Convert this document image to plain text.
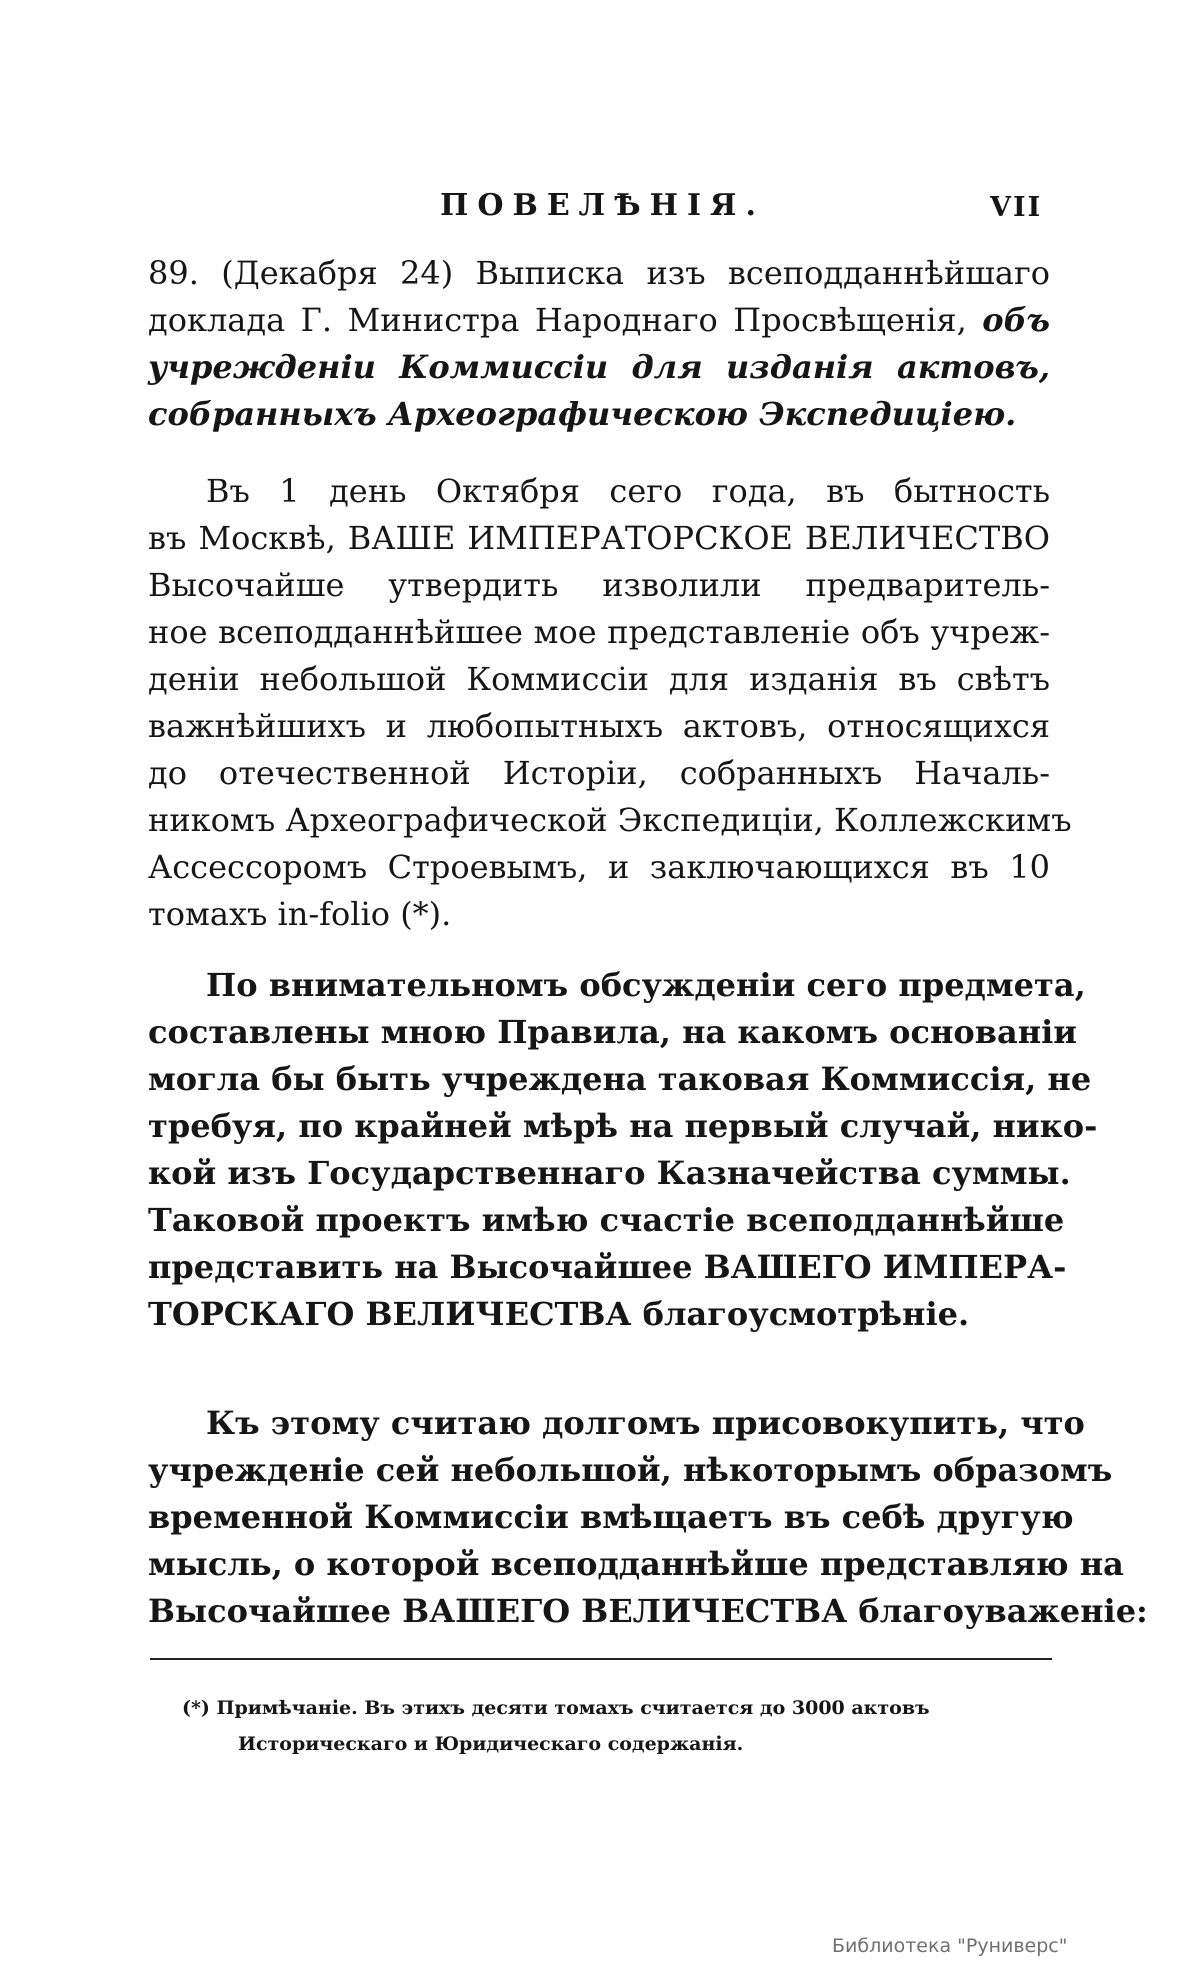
ПОВЕЛѢНІЯ.	VII

89. (Декабря 24) Выписка изъ всеподданнѣйшаго
доклада Г. Министра Народнаго Просвѣщенія, объ
учрежденіи Коммиссіи для изданія актовъ,
собранныхъ Археографическою Экспедиціею.

Въ 1 день Октября сего года, въ бытность
въ Москвѣ, ВАШЕ ИМПЕРАТОРСКОЕ ВЕЛИЧЕСТВО
Высочайше утвердить изволили предваритель-
ное всеподданнѣйшее мое представленіе объ учреж-
деніи небольшой Коммиссіи для изданія въ свѣтъ
важнѣйшихъ и любопытныхъ актовъ, относящихся
до отечественной Исторіи, собранныхъ Началь-
никомъ Археографической Экспедиціи, Коллежскимъ
Ассессоромъ Строевымъ, и заключающихся въ 10
томахъ in-folio (*).

По внимательномъ обсужденіи сего предмета,
составлены мною Правила, на какомъ основаніи
могла бы быть учреждена таковая Коммиссія, не
требуя, по крайней мѣрѣ на первый случай, нико-
кой изъ Государственнаго Казначейства суммы.
Таковой проектъ имѣю счастіе всеподданнѣйше
представить на Высочайшее ВАШЕГО ИМПЕРА-
ТОРСКАГО ВЕЛИЧЕСТВА благоусмотрѣніе.

Къ этому считаю долгомъ присовокупить, что
учрежденіе сей небольшой, нѣкоторымъ образомъ
временной Коммиссіи вмѣщаетъ въ себѣ другую
мысль, о которой всеподданнѣйше представляю на
Высочайшее ВАШЕГО ВЕЛИЧЕСТВА благоуваженіе:

(*) Примѣчаніе. Въ этихъ десяти томахъ считается до 3000 актовъ
Историческаго и Юридическаго содержанія.

Библиотека "Руниверс"
